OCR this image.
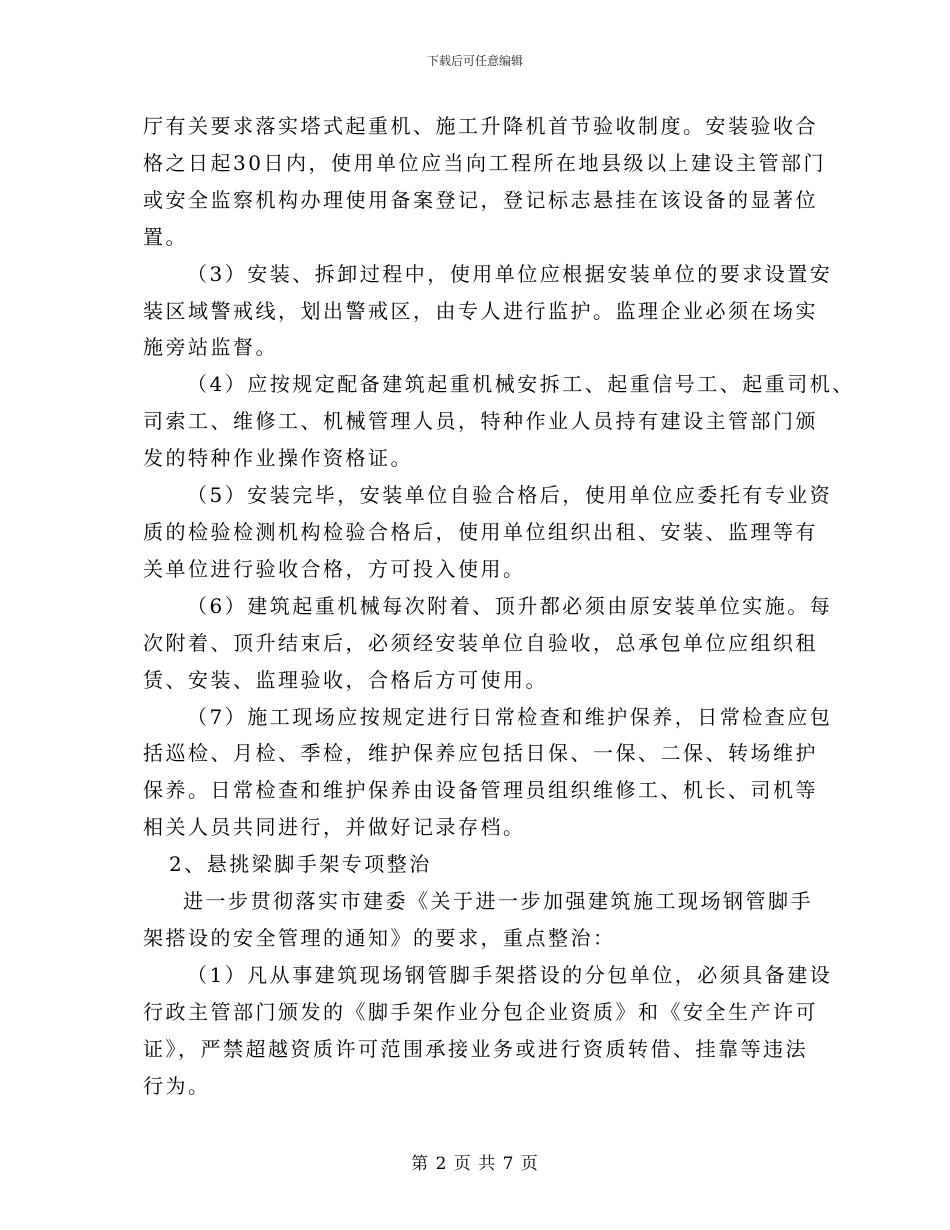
下载后可任意编辑
厅有关要求落实塔式起重机、施工升降机首节验收制度。安装验收合
格之日起30日内，使用单位应当向工程所在地县级以上建设主管部门
或安全监察机构办理使用备案登记，登记标志悬挂在该设备的显著位
置。
（3）安装、拆卸过程中，使用单位应根据安装单位的要求设置安
装区域警戒线，划出警戒区，由专人进行监护。监理企业必须在场实
施旁站监督。
（4）应按规定配备建筑起重机械安拆工、起重信号工、起重司机、
司索工、维修工、机械管理人员，特种作业人员持有建设主管部门颁
发的特种作业操作资格证。
（5）安装完毕，安装单位自验合格后，使用单位应委托有专业资
质的检验检测机构检验合格后，使用单位组织出租、安装、监理等有
关单位进行验收合格，方可投入使用。
（6）建筑起重机械每次附着、顶升都必须由原安装单位实施。每
次附着、顶升结束后，必须经安装单位自验收，总承包单位应组织租
赁、安装、监理验收，合格后方可使用。
（7）施工现场应按规定进行日常检查和维护保养，日常检查应包
括巡检、月检、季检，维护保养应包括日保、一保、二保、转场维护
保养。日常检查和维护保养由设备管理员组织维修工、机长、司机等
相关人员共同进行，并做好记录存档。
2、悬挑梁脚手架专项整治
进一步贯彻落实市建委《关于进一步加强建筑施工现场钢管脚手
架搭设的安全管理的通知》的要求，重点整治：
（1）凡从事建筑现场钢管脚手架搭设的分包单位，必须具备建设
行政主管部门颁发的《脚手架作业分包企业资质》和《安全生产许可
证》，严禁超越资质许可范围承接业务或进行资质转借、挂靠等违法
行为。
第 2 页 共 7 页
